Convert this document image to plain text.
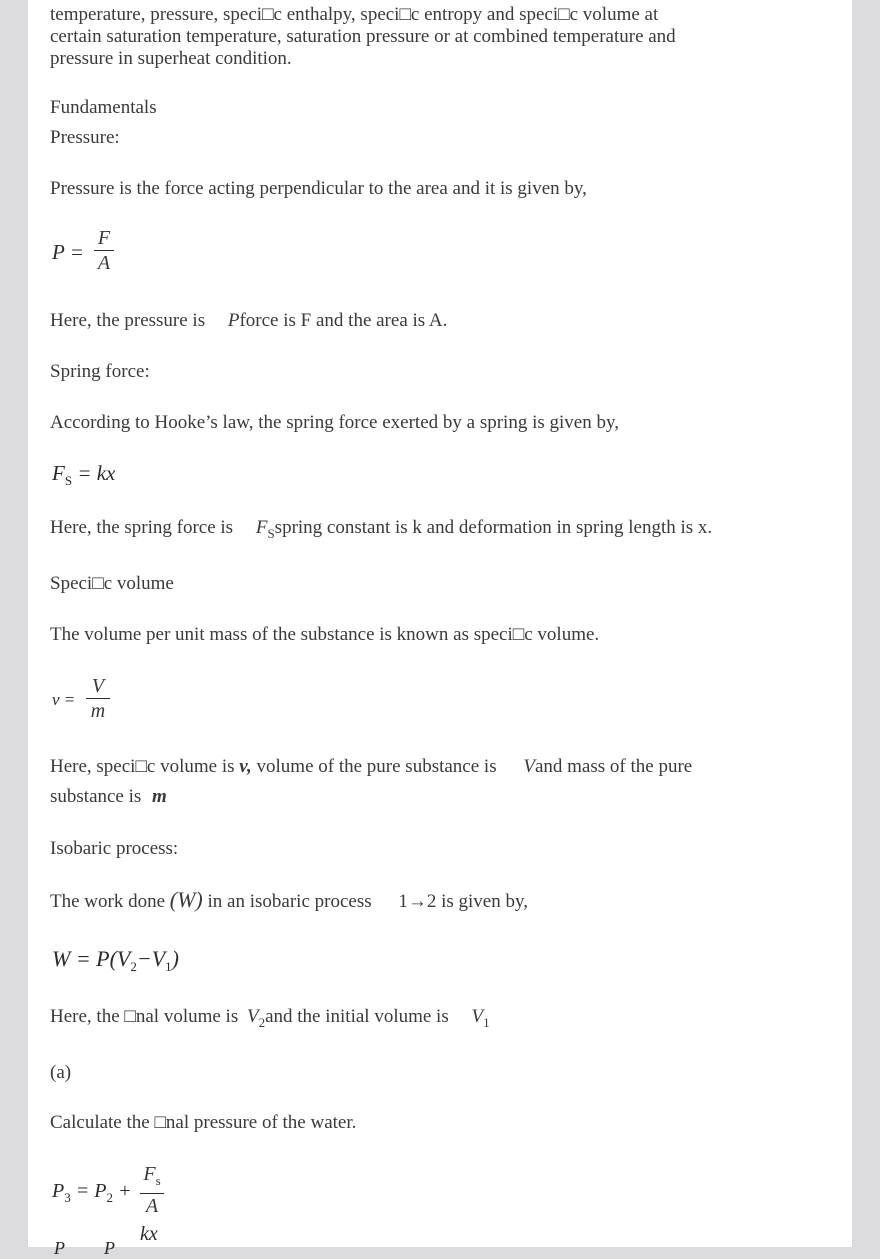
temperature, pressure, speci□c enthalpy, speci□c entropy and speci□c volume at
certain saturation temperature, saturation pressure or at combined temperature and
pressure in superheat condition.
Fundamentals
Pressure:
Pressure is the force acting perpendicular to the area and it is given by,
P =
F
A
Here, the pressure is Pforce is F and the area is A.
Spring force:
According to Hooke’s law, the spring force exerted by a spring is given by,
$F_S$ = kx
Here, the spring force is $F_Sspring$ constant is k and deformation in spring length is x.
Speci□c volume
The volume per unit mass of the substance is known as speci□c volume.
v =
V
m
Here, speci□c volume is v, volume of the pure substance is Vand mass of the pure
substance is m
Isobaric process:
The work done (W) in an isobaric process 1→2 is given by,
$W = P(V_2-V_1)$
Here, the □nal volume is $V_2and$ the initial volume is $V_1$
(a)
Calculate the □nal pressure of the water.
$P_3 = P_2$ +
$F_s$
A
kx
P P
